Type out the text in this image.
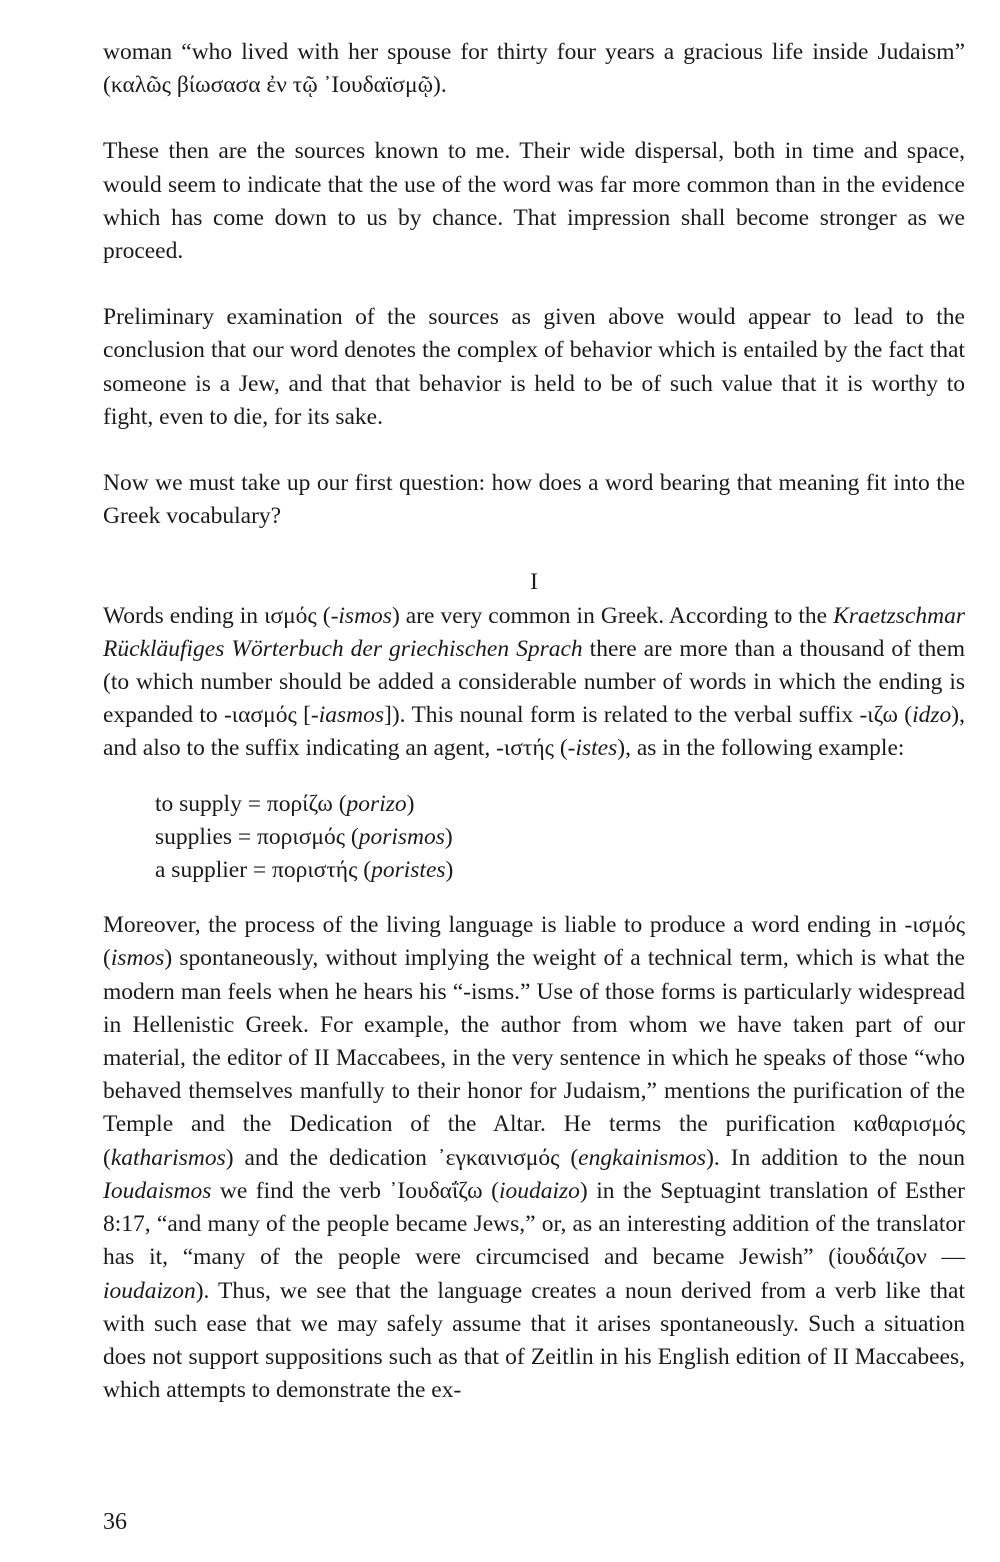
woman “who lived with her spouse for thirty four years a gracious life inside Judaism” (καλῶς βίωσασα ἐν τῷ ᾽Ιουδαϊσμῷ).

These then are the sources known to me. Their wide dispersal, both in time and space, would seem to indicate that the use of the word was far more common than in the evidence which has come down to us by chance. That impression shall become stronger as we proceed.

Preliminary examination of the sources as given above would appear to lead to the conclusion that our word denotes the complex of behavior which is entailed by the fact that someone is a Jew, and that that behavior is held to be of such value that it is worthy to fight, even to die, for its sake.

Now we must take up our first question: how does a word bearing that meaning fit into the Greek vocabulary?

I

Words ending in ισμός (-ismos) are very common in Greek. According to the Kraetzschmar Rückläufiges Wörterbuch der griechischen Sprach there are more than a thousand of them (to which number should be added a considerable number of words in which the ending is expanded to -ιασμός [-iasmos]). This nounal form is related to the verbal suffix -ιζω (idzo), and also to the suffix indicating an agent, -ιστής (-istes), as in the following example:

to supply = πορίζω (porizo)
supplies = πορισμός (porismos)
a supplier = ποριστής (poristes)

Moreover, the process of the living language is liable to produce a word ending in -ισμός (ismos) spontaneously, without implying the weight of a technical term, which is what the modern man feels when he hears his “-isms.” Use of those forms is particularly widespread in Hellenistic Greek. For example, the author from whom we have taken part of our material, the editor of II Maccabees, in the very sentence in which he speaks of those “who behaved themselves manfully to their honor for Judaism,” mentions the purification of the Temple and the Dedication of the Altar. He terms the purification καθαρισμός (katharismos) and the dedication ᾽εγκαινισμός (engkainismos). In addition to the noun Ioudaismos we find the verb ᾽Ιουδαΐζω (ioudaizo) in the Septuagint translation of Esther 8:17, “and many of the people became Jews,” or, as an interesting addition of the translator has it, “many of the people were circumcised and became Jewish” (ἰουδάιζον — ioudaizon). Thus, we see that the language creates a noun derived from a verb like that with such ease that we may safely assume that it arises spontaneously. Such a situation does not support suppositions such as that of Zeitlin in his English edition of II Maccabees, which attempts to demonstrate the ex-

36
